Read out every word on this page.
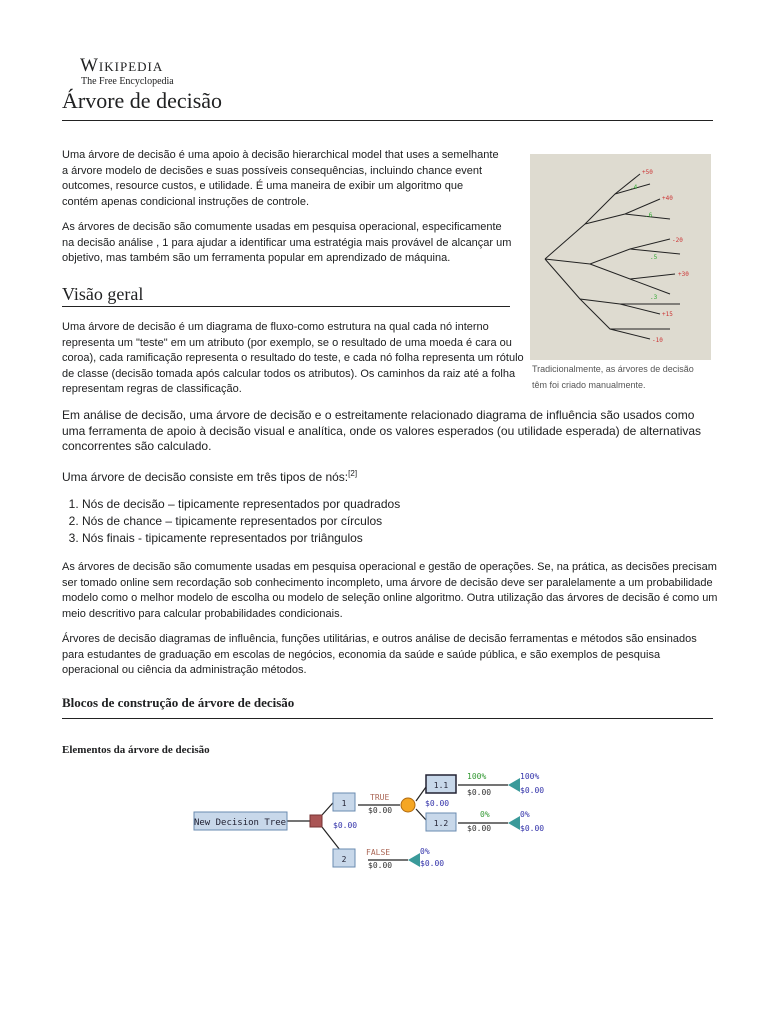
Wikipedia
The Free Encyclopedia
Árvore de decisão
Uma árvore de decisão é uma apoio à decisão hierarchical model that uses a semelhante a árvore modelo de decisões e suas possíveis consequências, incluindo chance event outcomes, resource custos, e utilidade. É uma maneira de exibir um algoritmo que contém apenas condicional instruções de controle.
As árvores de decisão são comumente usadas em pesquisa operacional, especificamente na decisão análise , 1 para ajudar a identificar uma estratégia mais provável de alcançar um objetivo, mas também são um ferramenta popular em aprendizado de máquina.
+50
+40
-20
+30
+15
-10
.4
.6
.5
.3
Tradicionalmente, as árvores de decisão têm foi criado manualmente.
Visão geral
Uma árvore de decisão é um diagrama de fluxo-como estrutura na qual cada nó interno representa um "teste" em um atributo (por exemplo, se o resultado de uma moeda é cara ou coroa), cada ramificação representa o resultado do teste, e cada nó folha representa um rótulo de classe (decisão tomada após calcular todos os atributos). Os caminhos da raiz até a folha representam regras de classificação.
Em análise de decisão, uma árvore de decisão e o estreitamente relacionado diagrama de influência são usados como uma ferramenta de apoio à decisão visual e analítica, onde os valores esperados (ou utilidade esperada) de alternativas concorrentes são calculado.
Uma árvore de decisão consiste em três tipos de nós:[2]
1. Nós de decisão – tipicamente representados por quadrados
2. Nós de chance – tipicamente representados por círculos
3. Nós finais - tipicamente representados por triângulos
As árvores de decisão são comumente usadas em pesquisa operacional e gestão de operações. Se, na prática, as decisões precisam ser tomado online sem recordação sob conhecimento incompleto, uma árvore de decisão deve ser paralelamente a um probabilidade modelo como o melhor modelo de escolha ou modelo de seleção online algoritmo. Outra utilização das árvores de decisão é como um meio descritivo para calcular probabilidades condicionais.
Árvores de decisão diagramas de influência, funções utilitárias, e outros análise de decisão ferramentas e métodos são ensinados para estudantes de graduação em escolas de negócios, economia da saúde e saúde pública, e são exemplos de pesquisa operacional ou ciência da administração métodos.
Blocos de construção de árvore de decisão
Elementos da árvore de decisão
New Decision Tree	$0.00
1
2
TRUE
$0.00
$0.00
FALSE
$0.00
0%
$0.00
1.1
100%
$0.00
100%
$0.00
1.2
0%
$0.00
0%
$0.00
